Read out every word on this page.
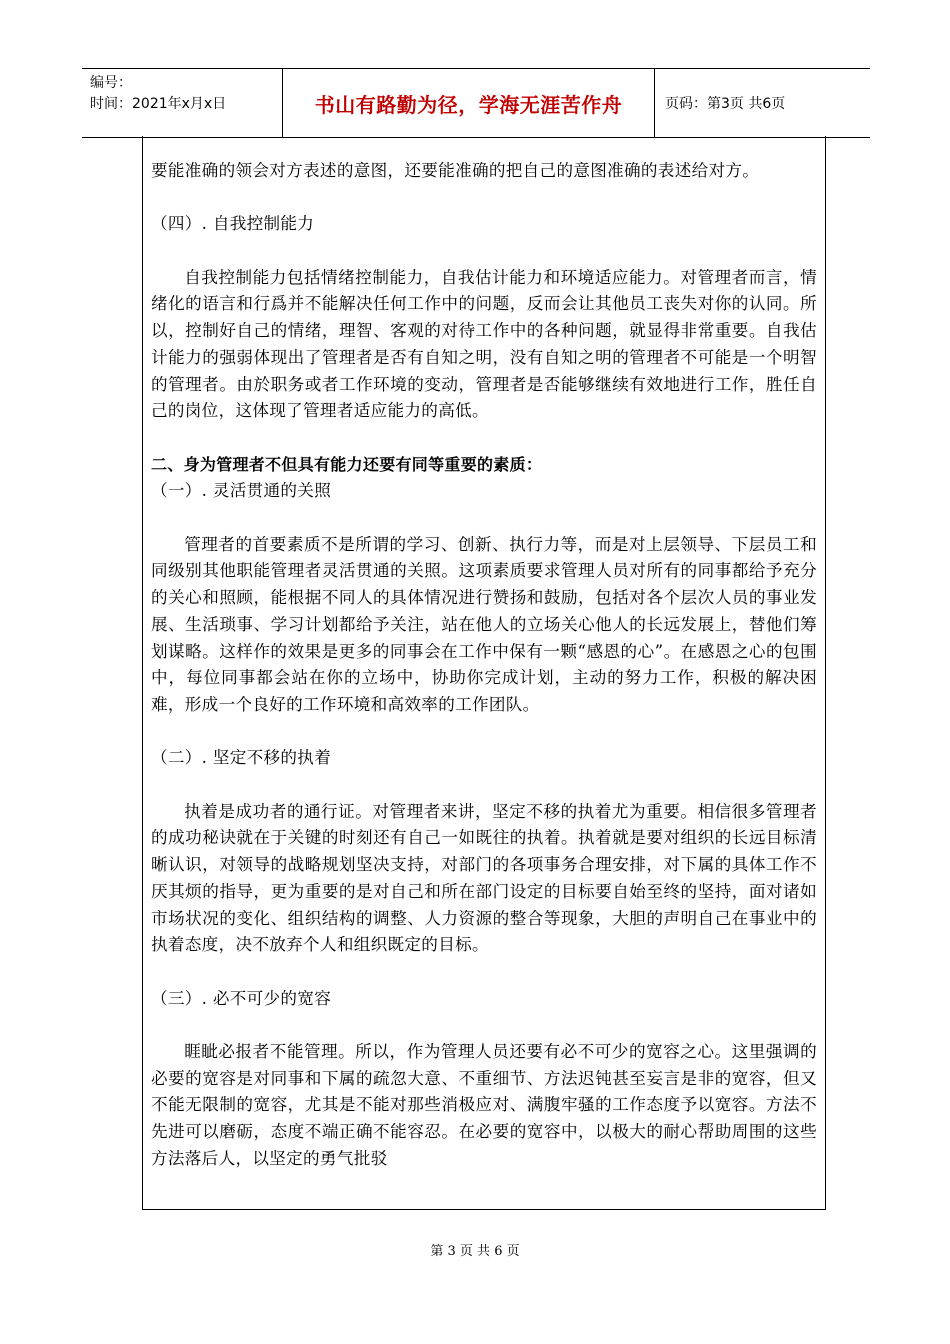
编号：
时间：2021年x月x日	书山有路勤为径，学海无涯苦作舟	页码：第3页 共6页

要能准确的领会对方表述的意图，还要能准确的把自己的意图准确的表述给对方。

（四）. 自我控制能力

自我控制能力包括情绪控制能力，自我估计能力和环境适应能力。对管理者而言，情绪化的语言和行爲并不能解决任何工作中的问题，反而会让其他员工丧失对你的认同。所以，控制好自己的情绪，理智、客观的对待工作中的各种问题，就显得非常重要。自我估计能力的强弱体现出了管理者是否有自知之明，没有自知之明的管理者不可能是一个明智的管理者。由於职务或者工作环境的变动，管理者是否能够继续有效地进行工作，胜任自己的岗位，这体现了管理者适应能力的高低。

二、身为管理者不但具有能力还要有同等重要的素质：

（一）. 灵活贯通的关照

管理者的首要素质不是所谓的学习、创新、执行力等，而是对上层领导、下层员工和同级别其他职能管理者灵活贯通的关照。这项素质要求管理人员对所有的同事都给予充分的关心和照顾，能根据不同人的具体情况进行赞扬和鼓励，包括对各个层次人员的事业发展、生活琐事、学习计划都给予关注，站在他人的立场关心他人的长远发展上，替他们筹划谋略。这样作的效果是更多的同事会在工作中保有一颗“感恩的心”。在感恩之心的包围中，每位同事都会站在你的立场中，协助你完成计划，主动的努力工作，积极的解决困难，形成一个良好的工作环境和高效率的工作团队。

（二）. 坚定不移的执着

执着是成功者的通行证。对管理者来讲，坚定不移的执着尤为重要。相信很多管理者的成功秘诀就在于关键的时刻还有自己一如既往的执着。执着就是要对组织的长远目标清晰认识，对领导的战略规划坚决支持，对部门的各项事务合理安排，对下属的具体工作不厌其烦的指导，更为重要的是对自己和所在部门设定的目标要自始至终的坚持，面对诸如市场状况的变化、组织结构的调整、人力资源的整合等现象，大胆的声明自己在事业中的执着态度，决不放弃个人和组织既定的目标。

（三）. 必不可少的宽容

睚眦必报者不能管理。所以，作为管理人员还要有必不可少的宽容之心。这里强调的必要的宽容是对同事和下属的疏忽大意、不重细节、方法迟钝甚至妄言是非的宽容，但又不能无限制的宽容，尤其是不能对那些消极应对、满腹牢骚的工作态度予以宽容。方法不先进可以磨砺，态度不端正确不能容忍。在必要的宽容中，以极大的耐心帮助周围的这些方法落后人，以坚定的勇气批驳

第 3 页 共 6 页
